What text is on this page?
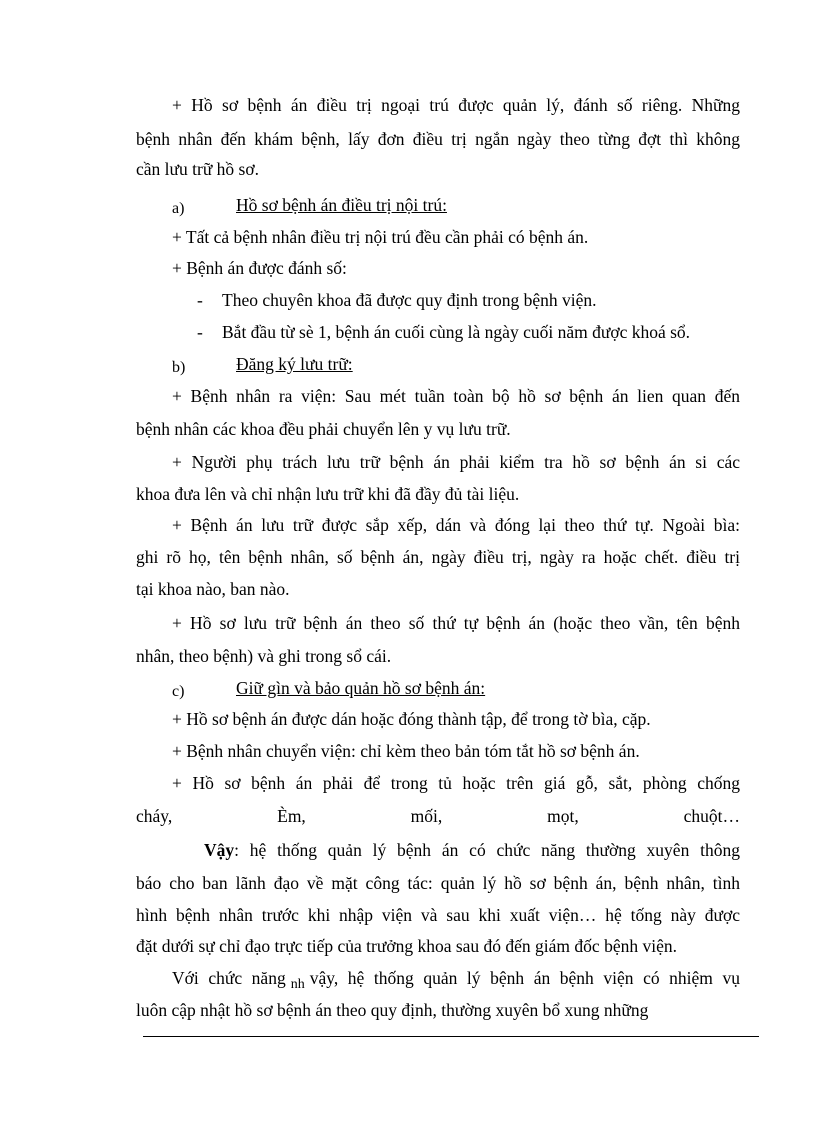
+ Hồ sơ bệnh án điều trị ngoại trú được quản lý, đánh số riêng. Những
bệnh nhân đến khám bệnh, lấy đơn điều trị ngắn ngày theo từng đợt thì không
cần lưu trữ hồ sơ.
a)	Hồ sơ bệnh án điều trị nội trú:
+ Tất cả bệnh nhân điều trị nội trú đều cần phải có bệnh án.
+ Bệnh án được đánh số:
- Theo chuyên khoa đã được quy định trong bệnh viện.
- Bắt đầu từ sè 1, bệnh án cuối cùng là ngày cuối năm được khoá sổ.
b)	Đăng ký lưu trữ:
+ Bệnh nhân ra viện: Sau mét tuần toàn bộ hồ sơ bệnh án lien quan đến
bệnh nhân các khoa đều phải chuyển lên y vụ lưu trữ.
+ Người phụ trách lưu trữ bệnh án phải kiểm tra hồ sơ bệnh án si các
khoa đưa lên và chỉ nhận lưu trữ khi đã đầy đủ tài liệu.
+ Bệnh án lưu trữ được sắp xếp, dán và đóng lại theo thứ tự. Ngoài bìa:
ghi rõ họ, tên bệnh nhân, số bệnh án, ngày điều trị, ngày ra hoặc chết. điều trị
tại khoa nào, ban nào.
+ Hồ sơ lưu trữ bệnh án theo số thứ tự bệnh án (hoặc theo vần, tên bệnh
nhân, theo bệnh) và ghi trong sổ cái.
c)	Giữ gìn và bảo quản hồ sơ bệnh án:
+ Hồ sơ bệnh án được dán hoặc đóng thành tập, để trong tờ bìa, cặp.
+ Bệnh nhân chuyển viện: chỉ kèm theo bản tóm tắt hồ sơ bệnh án.
+ Hồ sơ bệnh án phải để trong tủ hoặc trên giá gỗ, sắt, phòng chống
cháy,	Èm,	mối,	mọt,	chuột…
Vậy: hệ thống quản lý bệnh án có chức năng thường xuyên thông
báo cho ban lãnh đạo về mặt công tác: quản lý hồ sơ bệnh án, bệnh nhân, tình
hình bệnh nhân trước khi nhập viện và sau khi xuất viện… hệ tống này được
đặt dưới sự chỉ đạo trực tiếp của trưởng khoa sau đó đến giám đốc bệnh viện.
Với chức năng $_{nh}$ vậy, hệ thống quản lý bệnh án bệnh viện có nhiệm vụ
luôn cập nhật hồ sơ bệnh án theo quy định, thường xuyên bổ xung những
